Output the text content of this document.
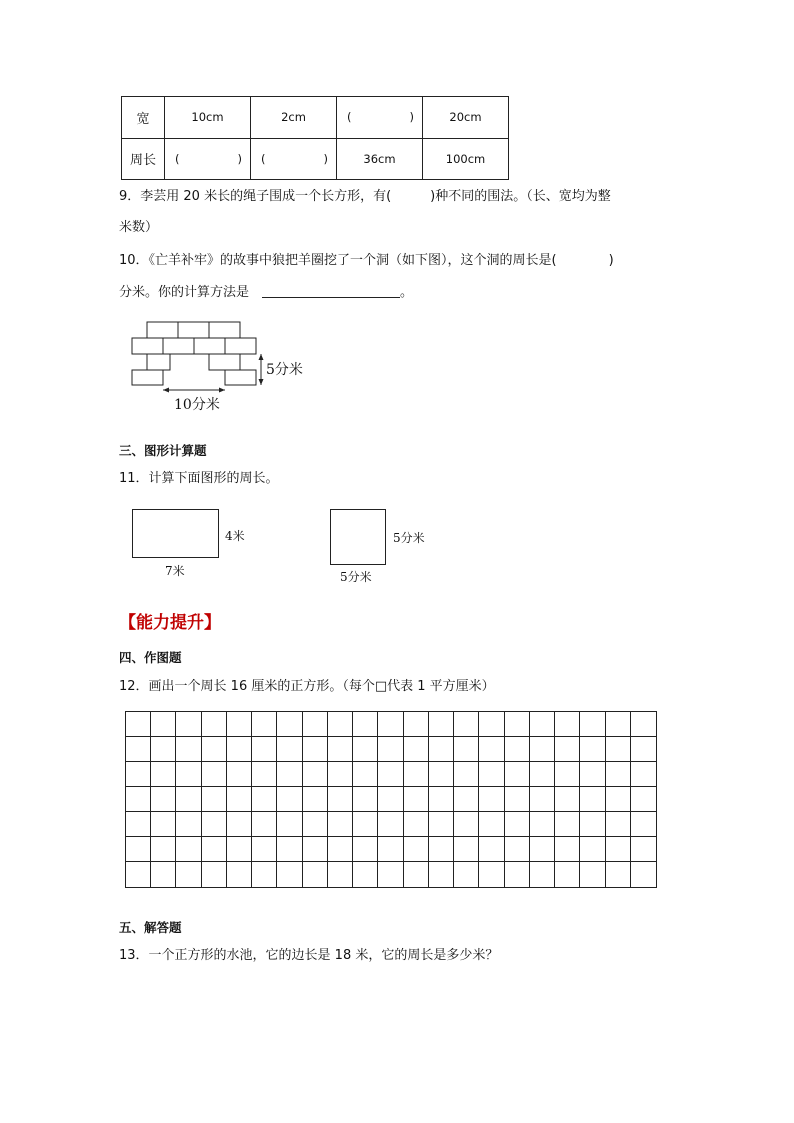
宽	10cm	2cm	( )	20cm
周长	( )	( )	36cm	100cm
9．李芸用 20 米长的绳子围成一个长方形，有(　　　)种不同的围法。（长、宽均为整
米数）
10．《亡羊补牢》的故事中狼把羊圈挖了一个洞（如下图），这个洞的周长是(　　　　)
分米。你的计算方法是	。
5分米
10分米
三、图形计算题
11．计算下面图形的周长。
4米
7米
5分米
5分米
【能力提升】
四、作图题
12．画出一个周长 16 厘米的正方形。（每个□代表 1 平方厘米）
五、解答题
13．一个正方形的水池，它的边长是 18 米，它的周长是多少米？
